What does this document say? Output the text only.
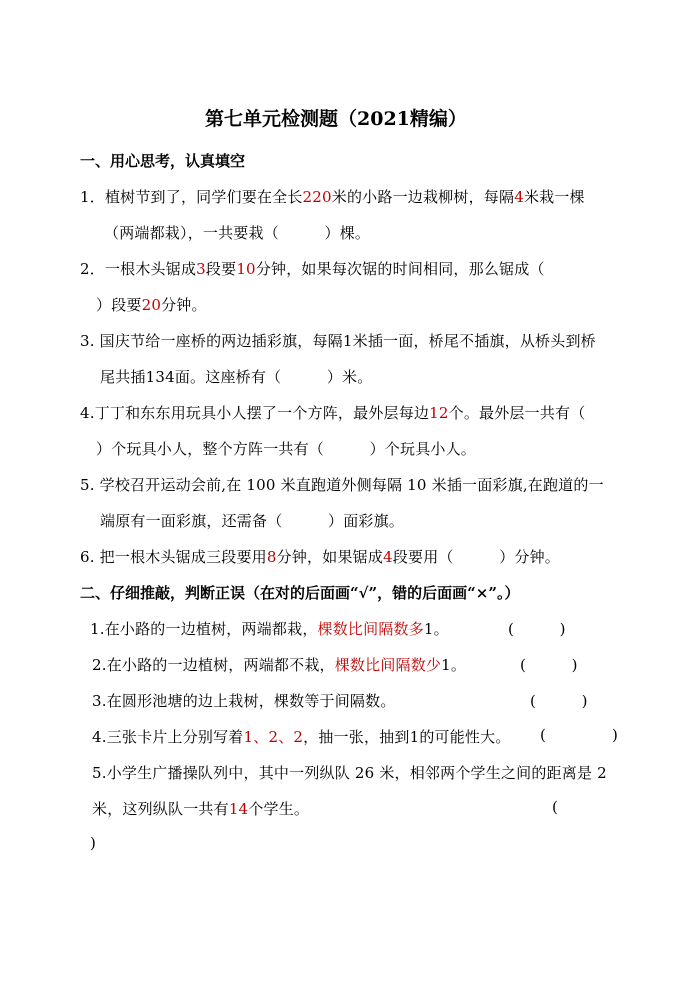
第七单元检测题（2021精编）
一、用心思考，认真填空
1．植树节到了，同学们要在全长220米的小路一边栽柳树，每隔4米栽一棵
（两端都栽），一共要栽（　　　）棵。
2．一根木头锯成3段要10分钟，如果每次锯的时间相同，那么锯成（
）段要20分钟。
3. 国庆节给一座桥的两边插彩旗，每隔1米插一面，桥尾不插旗，从桥头到桥
尾共插134面。这座桥有（　　　）米。
4.丁丁和东东用玩具小人摆了一个方阵，最外层每边12个。最外层一共有（
）个玩具小人，整个方阵一共有（　　　）个玩具小人。
5. 学校召开运动会前,在 100 米直跑道外侧每隔 10 米插一面彩旗,在跑道的一
端原有一面彩旗，还需备（　　　）面彩旗。
6. 把一根木头锯成三段要用8分钟，如果锯成4段要用（　　　）分钟。
二、仔细推敲，判断正误（在对的后面画“√”，错的后面画“×”。）
1.在小路的一边植树，两端都栽，棵数比间隔数多1。	(　　　)
2.在小路的一边植树，两端都不栽，棵数比间隔数少1。	(　　　)
3.在圆形池塘的边上栽树，棵数等于间隔数。	(　　　)
4.三张卡片上分别写着1、2、2，抽一张，抽到1的可能性大。 (	)
5.小学生广播操队列中，其中一列纵队 26 米，相邻两个学生之间的距离是 2
米，这列纵队一共有14个学生。	(
)
